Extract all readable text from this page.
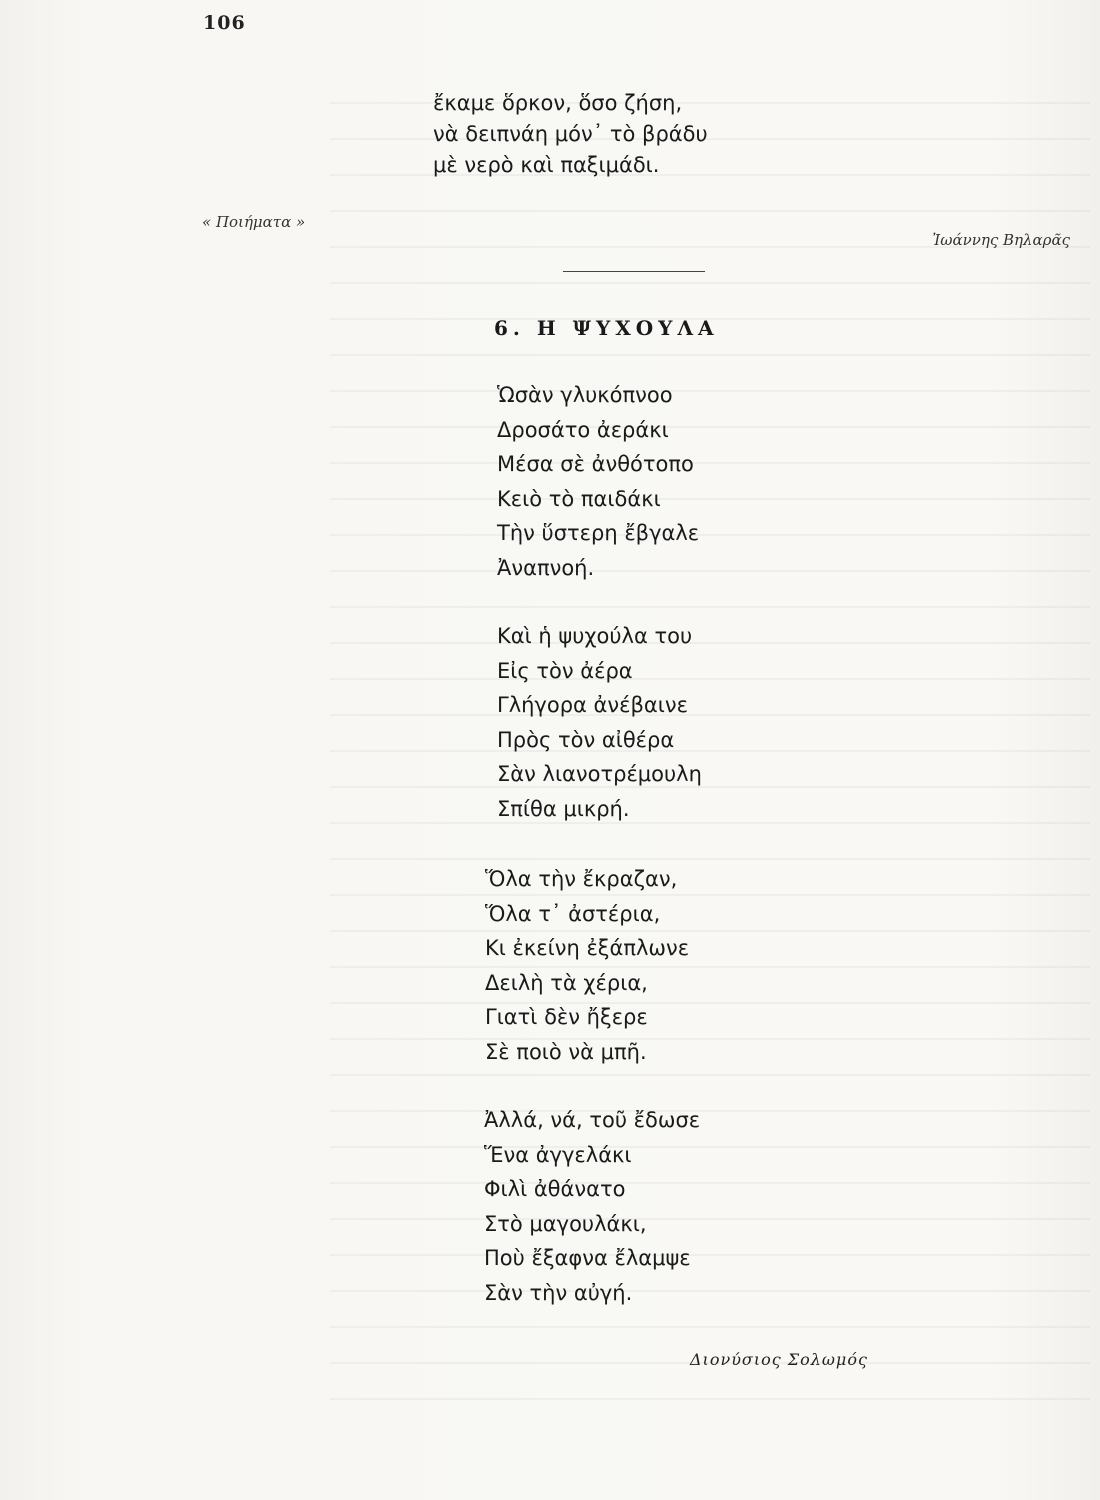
106
ἔκαμε ὅρκον, ὅσο ζήση,
νὰ δειπνάη μόν᾿ τὸ βράδυ
μὲ νερὸ καὶ παξιμάδι.
« Ποιήματα »
Ἰωάννης Βηλαρᾶς
6. Η ΨΥΧΟΥΛΑ
Ὡσὰν γλυκόπνοο
Δροσάτο ἀεράκι
Μέσα σὲ ἀνθότοπο
Κειὸ τὸ παιδάκι
Τὴν ὕστερη ἔβγαλε
Ἀναπνοή.
Καὶ ἡ ψυχούλα του
Εἰς τὸν ἀέρα
Γλήγορα ἀνέβαινε
Πρὸς τὸν αἰθέρα
Σὰν λιανοτρέμουλη
Σπίθα μικρή.
Ὅλα τὴν ἔκραζαν,
Ὅλα τ᾿ ἀστέρια,
Κι ἐκείνη ἐξάπλωνε
Δειλὴ τὰ χέρια,
Γιατὶ δὲν ἤξερε
Σὲ ποιὸ νὰ μπῆ.
Ἀλλά, νά, τοῦ ἔδωσε
Ἕνα ἀγγελάκι
Φιλὶ ἀθάνατο
Στὸ μαγουλάκι,
Ποὺ ἔξαφνα ἔλαμψε
Σὰν τὴν αὐγή.
Διονύσιος Σολωμός
